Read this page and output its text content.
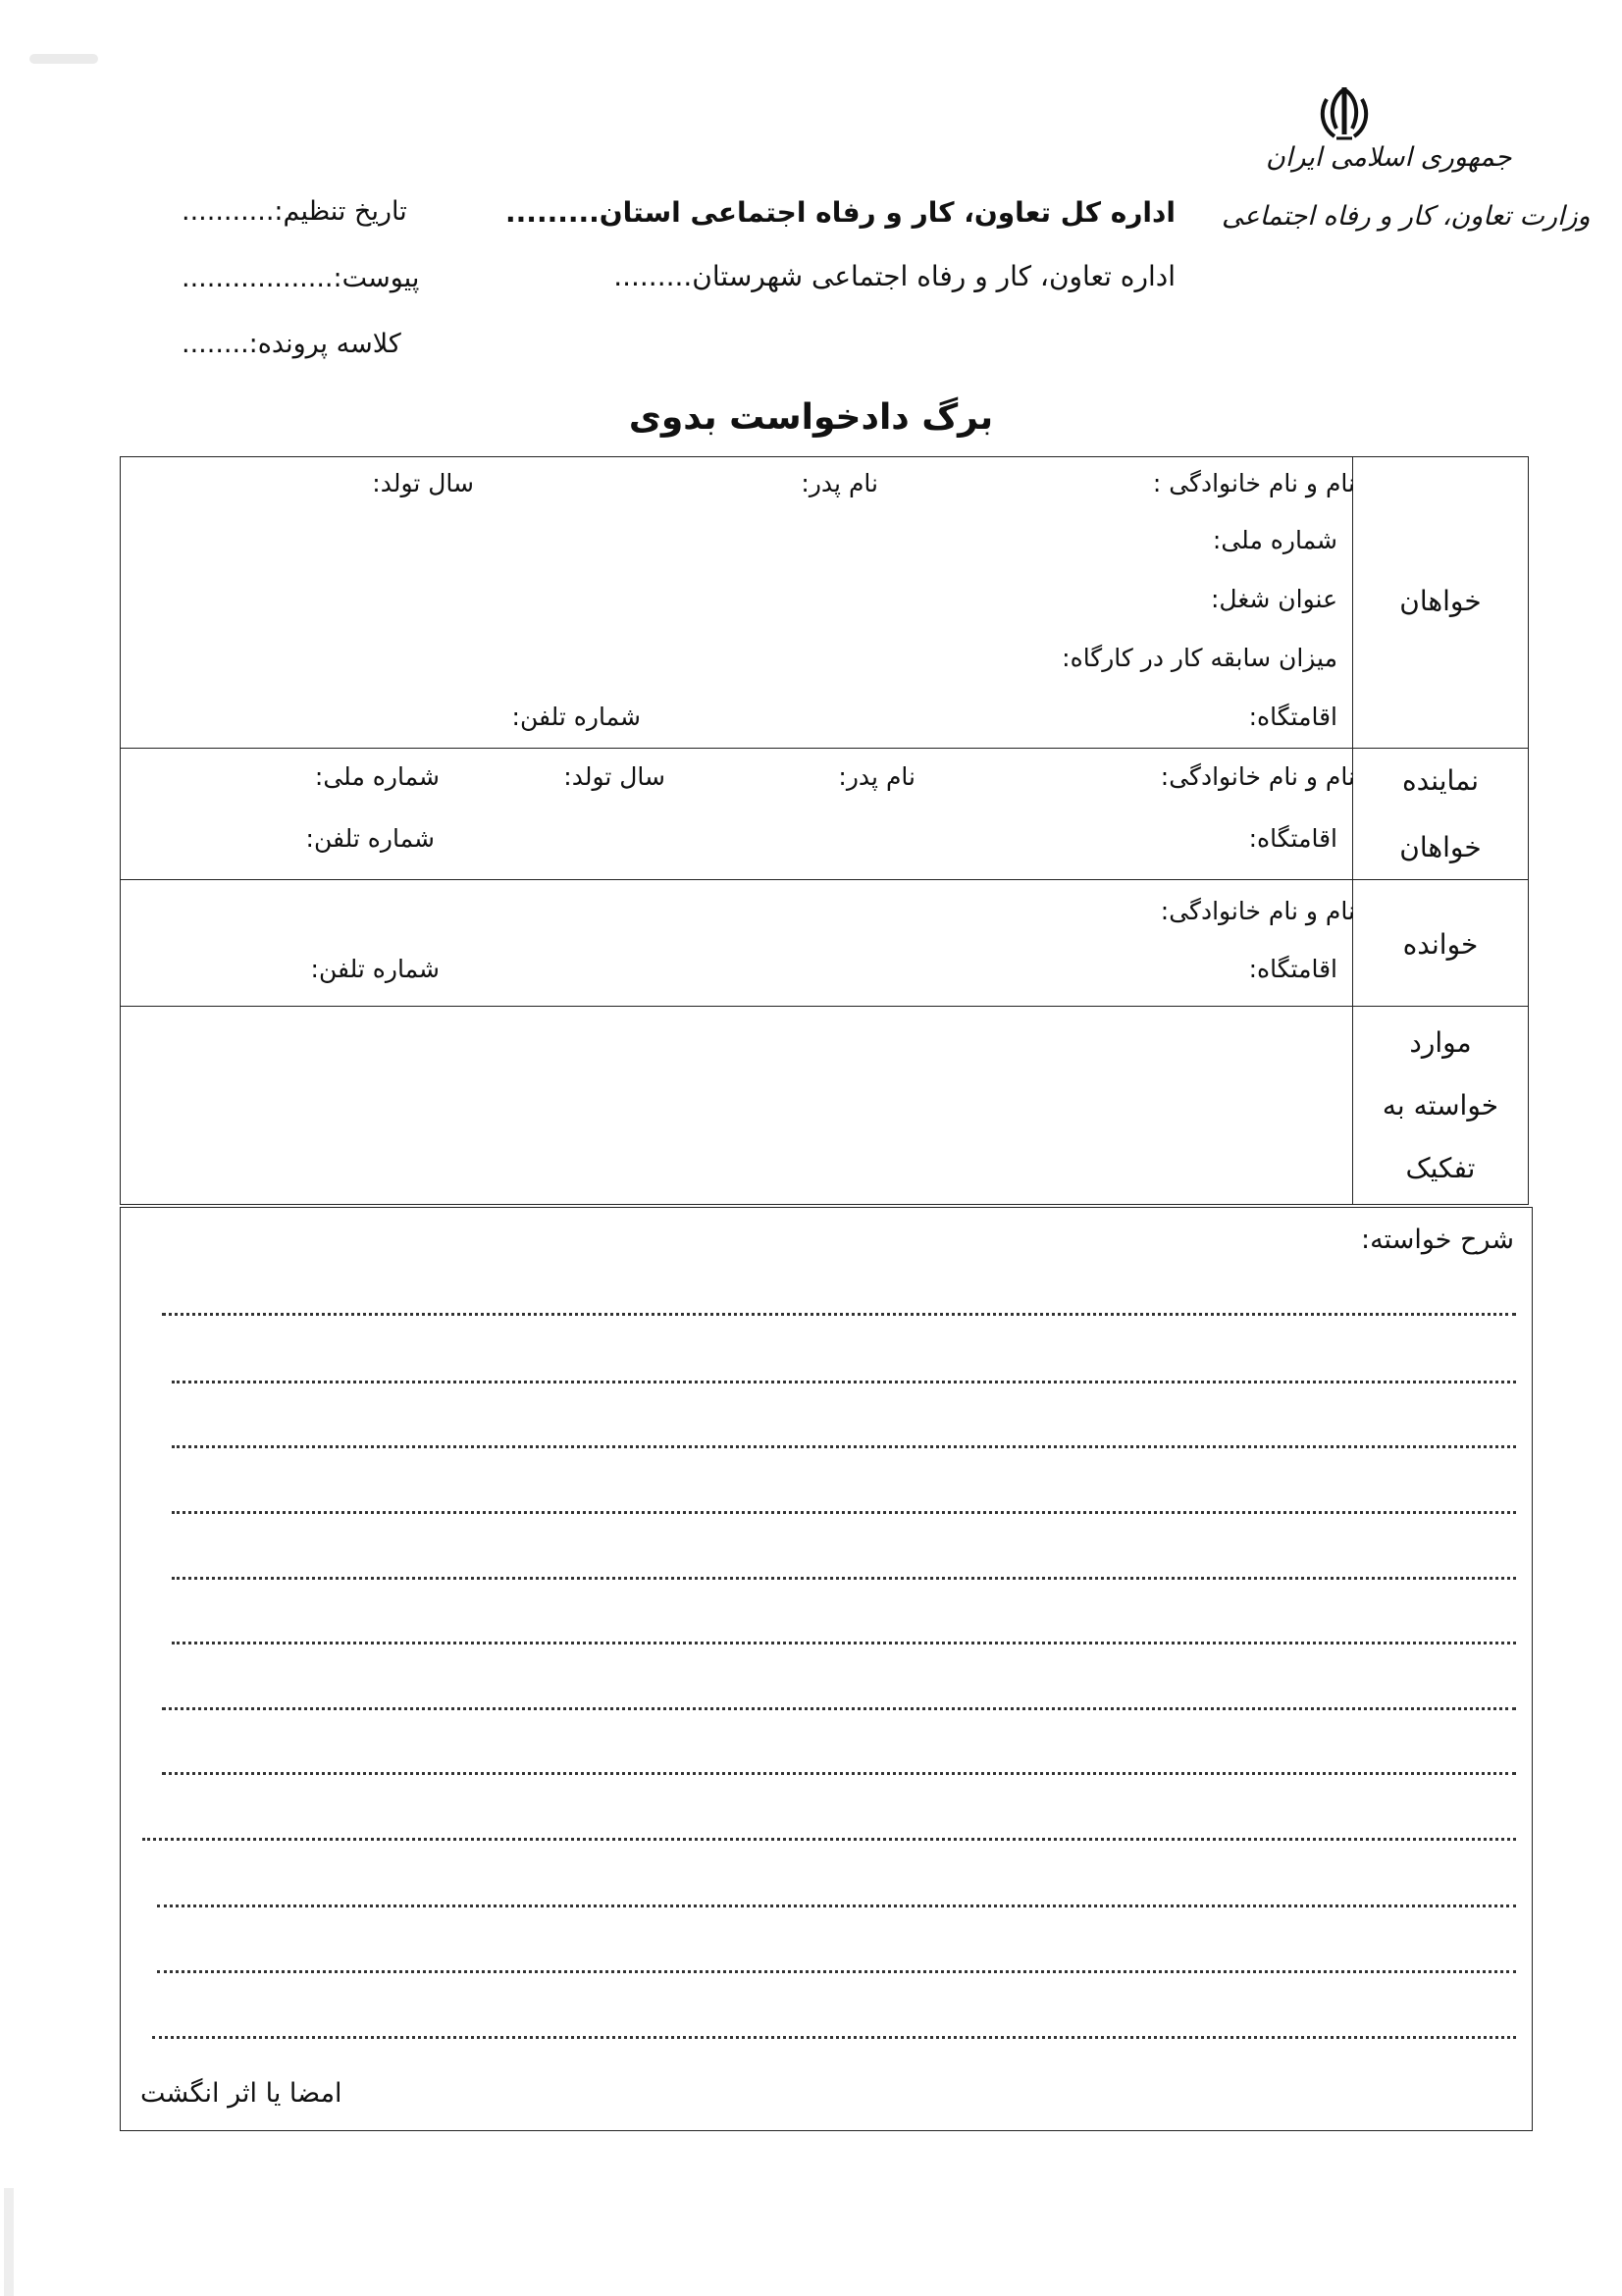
جمهوری اسلامی ایران
وزارت تعاون، کار و رفاه اجتماعی
اداره کل تعاون، کار و رفاه اجتماعی استان.........
اداره تعاون، کار و رفاه اجتماعی شهرستان.........
تاریخ تنظیم:...........
پیوست:..................
کلاسه پرونده:........
برگ دادخواست بدوی
خواهان
نام و نام خانوادگی :
نام پدر:
سال تولد:
شماره ملی:
عنوان شغل:
میزان سابقه کار در کارگاه:
اقامتگاه:
شماره تلفن:
نماینده
خواهان
نام و نام خانوادگی:
نام پدر:
سال تولد:
شماره ملی:
اقامتگاه:
شماره تلفن:
خوانده
نام و نام خانوادگی:
اقامتگاه:
شماره تلفن:
موارد
خواسته به
تفکیک
شرح خواسته:
امضا یا اثر انگشت
